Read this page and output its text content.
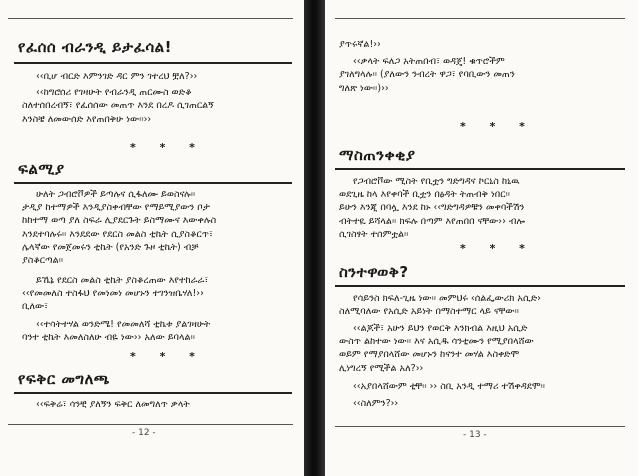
የፈሰሰ ብራንዲ ይታፈሳል!
‹‹ቢሆ ብርድ እምንገድ ዳር ምን ገተረህ ቿለ?››
‹‹ከግሮሰሪ የገዛሁት የብራንዲ ጠርሙስ ወድቆ
ስለተሰበረብኝ፣ የፈሰሰው መጠጥ እንደ በረዶ ሲገጠርልኝ
እንስቼ ለመውሰድ እየጠበቅሁ ነው፡፡››
* * *
ፍልሚያ
ሁለት ጋብሮቮዎች ይጣሉና ሲፋለሙ ይወስናሉ፡፡
ታዲያ ከተማዎች እንዲያስቀብቸው የማይሚያውን ቦታ
ከከተማ ወጣ ያለ ስፍራ ሊያደርጉት ይስማሙና እውቀሉስ
እንደተባሉሩ፡፡ እንደደው የደርስ መልስ ቲኬት ሲያስቆርጥ፣
ሌላኛው የመጀመሩን ቲኬት (የአንድ ጉዞ ቲኬት) ብቻ
ያስቆርጣል፡፡
ይኼኔ የደርስ መልስ ቲኬት ያስቆረጠው እየተከራራ፣
‹‹የመመለስ ተስፋህ የመነመነ መሆኑን ተገንዝቤሃለ!››
ቢለው፣
‹‹ተሳትተሃል ወንድሜ! የመመለሻ ቲኬቱ ያልገዛሁት
ባንተ ቲኬት እመለስለሁ ብዬ ነው›› አለው ይባላል፡፡
* * *
የፍቅር መግለጫ
‹‹ፍቅሬ፣ ሳንቺ ያለኝን ፍቅር ለመግለጥ ቃላት
- 12 -
ያጥሩኛል!››
‹‹ቃላት ፍለጋ አትጠበብ፣ ወዳጄ! ቁጥሮችም
ያገለግላሉ፡፡ (ያለውን ንብረት ዋጋ፣ የባቢውን መጠን
ግለጽ ነው፡፡)››
* * *
ማስጠንቀቂያ
የጋብሮቮው ሚስት የቢቷን ግድግዳና ኮርኒስ ከኒዉ
ወደጊዜ ከላ እየቀባች ቢቷን በፅዳት ትጠብቅ ነበር፡፡
ይሁን እንጂ በባሏ እንደ ከኑ ‹‹ግድግዳዎቹን መቀባችሽን
ብትተዪ ይሻላል፡፡ ክፍሉ በጣም እየጠበበ ናቸው›› ብሎ
ሲገስፃት ተሰምቷል፡፡
* * *
ስንተዋወቅ?
የሳይንስ ክፍለ-ጊዜ ነው፡፡ መምህሩ ‹ሰልፌውሪክ አሲድ›
ስለሚባለው የአሲድ አይነት በማስተማር ላይ ናቸው፡፡
‹‹ልጆች፣ አሁን ይህን የወርቅ እንክብል እዚህ አሲድ
ውስጥ ልከተው ነው፡፡ እና አሲዱ ሳንቲሙን የሚያበላሸው
ወይም የማያበላሸው መሆኑን ከናንተ መሃል እስቀድሞ
ሊነግረኝ የሚችል አለ?››
‹‹አያበላሸውም ቲቸ፡፡ ›› ስቢ አንዲ ተማሪ ተሽቀዳደሞ፡፡
‹‹ስለምን?››
- 13 -
